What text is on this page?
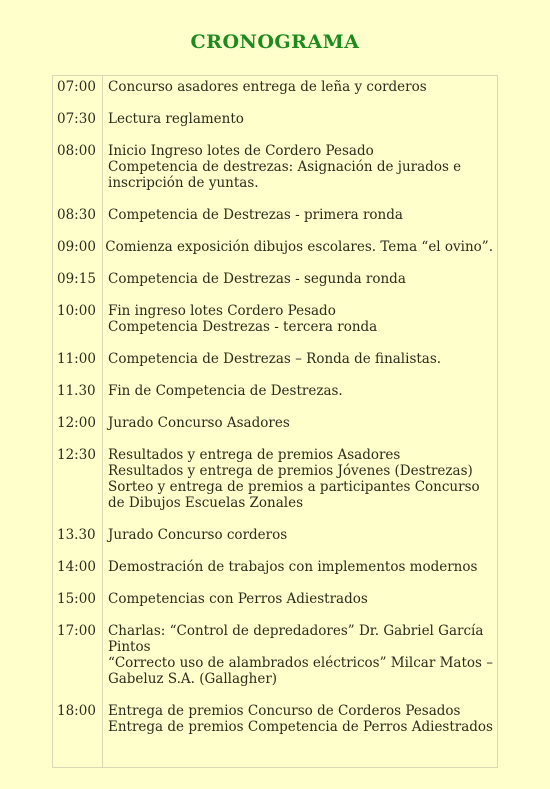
CRONOGRAMA
07:00 Concurso asadores entrega de leña y corderos
07:30 Lectura reglamento
08:00 Inicio Ingreso lotes de Cordero Pesado
Competencia de destrezas: Asignación de jurados e
inscripción de yuntas.
08:30 Competencia de Destrezas - primera ronda
09:00 Comienza exposición dibujos escolares. Tema “el ovino”.
09:15 Competencia de Destrezas - segunda ronda
10:00 Fin ingreso lotes Cordero Pesado
Competencia Destrezas - tercera ronda
11:00 Competencia de Destrezas – Ronda de finalistas.
11.30 Fin de Competencia de Destrezas.
12:00 Jurado Concurso Asadores
12:30 Resultados y entrega de premios Asadores
Resultados y entrega de premios Jóvenes (Destrezas)
Sorteo y entrega de premios a participantes Concurso
de Dibujos Escuelas Zonales
13.30 Jurado Concurso corderos
14:00 Demostración de trabajos con implementos modernos
15:00 Competencias con Perros Adiestrados
17:00 Charlas: “Control de depredadores” Dr. Gabriel García
Pintos
“Correcto uso de alambrados eléctricos” Milcar Matos –
Gabeluz S.A. (Gallagher)
18:00 Entrega de premios Concurso de Corderos Pesados
Entrega de premios Competencia de Perros Adiestrados
